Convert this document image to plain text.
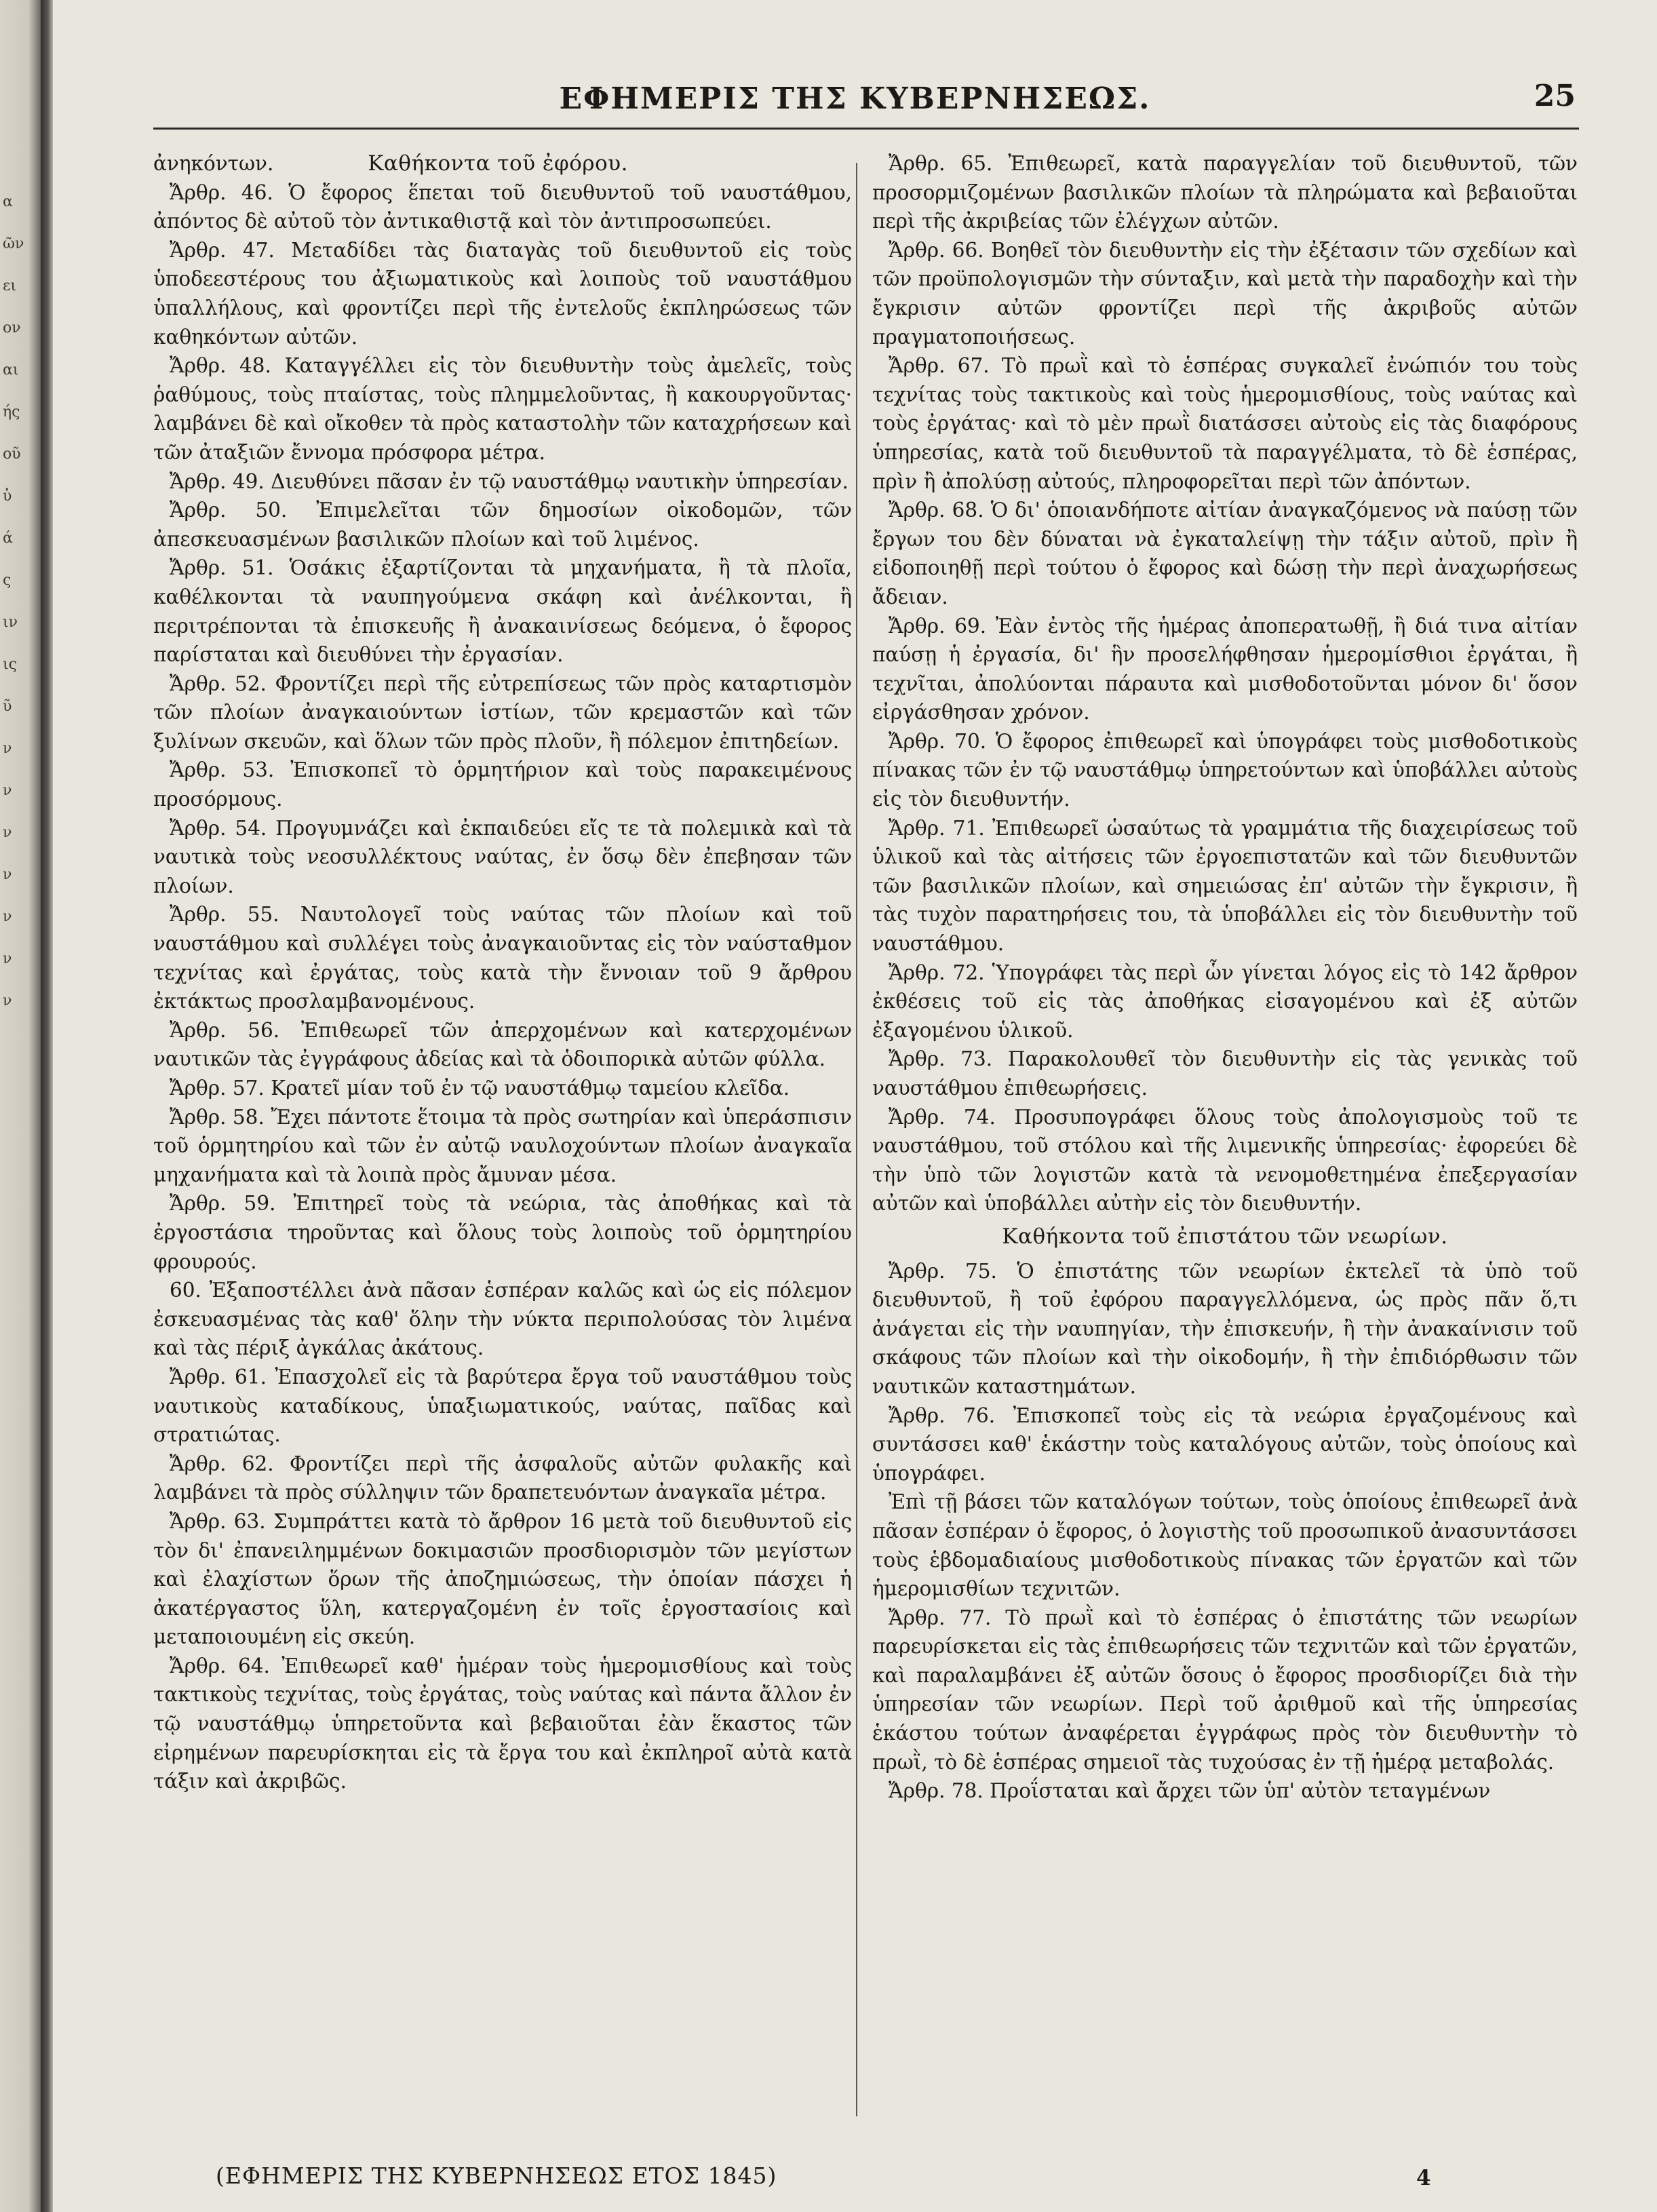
α
ῶν
ει
ον
αι
ής
οῦ
ὑ
ά
ς
ιν
ις
ῦ
ν
ν
ν
ν
ν
ν
ν
ΕΦΗΜΕΡΙΣ ΤΗΣ ΚΥΒΕΡΝΗΣΕΩΣ.	25

ἀνηκόντων.	Καθήκοντα τοῦ ἐφόρου.

Ἄρθρ. 46. Ὁ ἔφορος ἕπεται τοῦ διευθυντοῦ τοῦ ναυστάθμου, ἀπόντος δὲ αὐτοῦ τὸν ἀντικαθιστᾷ καὶ τὸν ἀντιπροσωπεύει.

Ἄρθρ. 47. Μεταδίδει τὰς διαταγὰς τοῦ διευθυντοῦ εἰς τοὺς ὑποδεεστέρους του ἀξιωματικοὺς καὶ λοιποὺς τοῦ ναυστάθμου ὑπαλλήλους, καὶ φροντίζει περὶ τῆς ἐντελοῦς ἐκπληρώσεως τῶν καθηκόντων αὐτῶν.

Ἄρθρ. 48. Καταγγέλλει εἰς τὸν διευθυντὴν τοὺς ἀμελεῖς, τοὺς ῥαθύμους, τοὺς πταίστας, τοὺς πλημμελοῦντας, ἢ κακουργοῦντας· λαμβάνει δὲ καὶ οἴκοθεν τὰ πρὸς καταστολὴν τῶν καταχρήσεων καὶ τῶν ἀταξιῶν ἔννομα πρόσφορα μέτρα.

Ἄρθρ. 49. Διευθύνει πᾶσαν ἐν τῷ ναυστάθμῳ ναυτικὴν ὑπηρεσίαν.

Ἄρθρ. 50. Ἐπιμελεῖται τῶν δημοσίων οἰκοδομῶν, τῶν ἀπεσκευασμένων βασιλικῶν πλοίων καὶ τοῦ λιμένος.

Ἄρθρ. 51. Ὁσάκις ἐξαρτίζονται τὰ μηχανήματα, ἢ τὰ πλοῖα, καθέλκονται τὰ ναυπηγούμενα σκάφη καὶ ἀνέλκονται, ἢ περιτρέπονται τὰ ἐπισκευῆς ἢ ἀνακαινίσεως δεόμενα, ὁ ἔφορος παρίσταται καὶ διευθύνει τὴν ἐργασίαν.

Ἄρθρ. 52. Φροντίζει περὶ τῆς εὐτρεπίσεως τῶν πρὸς καταρτισμὸν τῶν πλοίων ἀναγκαιούντων ἱστίων, τῶν κρεμαστῶν καὶ τῶν ξυλίνων σκευῶν, καὶ ὅλων τῶν πρὸς πλοῦν, ἢ πόλεμον ἐπιτηδείων.

Ἄρθρ. 53. Ἐπισκοπεῖ τὸ ὁρμητήριον καὶ τοὺς παρακειμένους προσόρμους.

Ἄρθρ. 54. Προγυμνάζει καὶ ἐκπαιδεύει εἴς τε τὰ πολεμικὰ καὶ τὰ ναυτικὰ τοὺς νεοσυλλέκτους ναύτας, ἐν ὅσῳ δὲν ἐπεβησαν τῶν πλοίων.

Ἄρθρ. 55. Ναυτολογεῖ τοὺς ναύτας τῶν πλοίων καὶ τοῦ ναυστάθμου καὶ συλλέγει τοὺς ἀναγκαιοῦντας εἰς τὸν ναύσταθμον τεχνίτας καὶ ἐργάτας, τοὺς κατὰ τὴν ἔννοιαν τοῦ 9 ἄρθρου ἐκτάκτως προσλαμβανομένους.

Ἄρθρ. 56. Ἐπιθεωρεῖ τῶν ἀπερχομένων καὶ κατερχομένων ναυτικῶν τὰς ἐγγράφους ἀδείας καὶ τὰ ὁδοιπορικὰ αὐτῶν φύλλα.

Ἄρθρ. 57. Κρατεῖ μίαν τοῦ ἐν τῷ ναυστάθμῳ ταμείου κλεῖδα.

Ἄρθρ. 58. Ἔχει πάντοτε ἕτοιμα τὰ πρὸς σωτηρίαν καὶ ὑπεράσπισιν τοῦ ὁρμητηρίου καὶ τῶν ἐν αὐτῷ ναυλοχούντων πλοίων ἀναγκαῖα μηχανήματα καὶ τὰ λοιπὰ πρὸς ἄμυναν μέσα.

Ἄρθρ. 59. Ἐπιτηρεῖ τοὺς τὰ νεώρια, τὰς ἀποθήκας καὶ τὰ ἐργοστάσια τηροῦντας καὶ ὅλους τοὺς λοιποὺς τοῦ ὁρμητηρίου φρουρούς.

60. Ἐξαποστέλλει ἀνὰ πᾶσαν ἑσπέραν καλῶς καὶ ὡς εἰς πόλεμον ἐσκευασμένας τὰς καθ' ὅλην τὴν νύκτα περιπολούσας τὸν λιμένα καὶ τὰς πέριξ ἀγκάλας ἀκάτους.

Ἄρθρ. 61. Ἐπασχολεῖ εἰς τὰ βαρύτερα ἔργα τοῦ ναυστάθμου τοὺς ναυτικοὺς καταδίκους, ὑπαξιωματικούς, ναύτας, παῖδας καὶ στρατιώτας.

Ἄρθρ. 62. Φροντίζει περὶ τῆς ἀσφαλοῦς αὐτῶν φυλακῆς καὶ λαμβάνει τὰ πρὸς σύλληψιν τῶν δραπετευόντων ἀναγκαῖα μέτρα.

Ἄρθρ. 63. Συμπράττει κατὰ τὸ ἄρθρον 16 μετὰ τοῦ διευθυντοῦ εἰς τὸν δι' ἐπανειλημμένων δοκιμασιῶν προσδιορισμὸν τῶν μεγίστων καὶ ἐλαχίστων ὅρων τῆς ἀποζημιώσεως, τὴν ὁποίαν πάσχει ἡ ἀκατέργαστος ὕλη, κατεργαζομένη ἐν τοῖς ἐργοστασίοις καὶ μεταποιουμένη εἰς σκεύη.

Ἄρθρ. 64. Ἐπιθεωρεῖ καθ' ἡμέραν τοὺς ἡμερομισθίους καὶ τοὺς τακτικοὺς τεχνίτας, τοὺς ἐργάτας, τοὺς ναύτας καὶ πάντα ἄλλον ἐν τῷ ναυστάθμῳ ὑπηρετοῦντα καὶ βεβαιοῦται ἐὰν ἕκαστος τῶν εἰρημένων παρευρίσκηται εἰς τὰ ἔργα του καὶ ἐκπληροῖ αὐτὰ κατὰ τάξιν καὶ ἀκριβῶς.

Ἄρθρ. 65. Ἐπιθεωρεῖ, κατὰ παραγγελίαν τοῦ διευθυντοῦ, τῶν προσορμιζομένων βασιλικῶν πλοίων τὰ πληρώματα καὶ βεβαιοῦται περὶ τῆς ἀκριβείας τῶν ἐλέγχων αὐτῶν.

Ἄρθρ. 66. Βοηθεῖ τὸν διευθυντὴν εἰς τὴν ἐξέτασιν τῶν σχεδίων καὶ τῶν προϋπολογισμῶν τὴν σύνταξιν, καὶ μετὰ τὴν παραδοχὴν καὶ τὴν ἔγκρισιν αὐτῶν φροντίζει περὶ τῆς ἀκριβοῦς αὐτῶν πραγματοποιήσεως.

Ἄρθρ. 67. Τὸ πρωῒ καὶ τὸ ἑσπέρας συγκαλεῖ ἐνώπιόν του τοὺς τεχνίτας τοὺς τακτικοὺς καὶ τοὺς ἡμερομισθίους, τοὺς ναύτας καὶ τοὺς ἐργάτας· καὶ τὸ μὲν πρωῒ διατάσσει αὐτοὺς εἰς τὰς διαφόρους ὑπηρεσίας, κατὰ τοῦ διευθυντοῦ τὰ παραγγέλματα, τὸ δὲ ἑσπέρας, πρὶν ἢ ἀπολύσῃ αὐτούς, πληροφορεῖται περὶ τῶν ἀπόντων.

Ἄρθρ. 68. Ὁ δι' ὁποιανδήποτε αἰτίαν ἀναγκαζόμενος νὰ παύσῃ τῶν ἔργων του δὲν δύναται νὰ ἐγκαταλείψῃ τὴν τάξιν αὐτοῦ, πρὶν ἢ εἰδοποιηθῇ περὶ τούτου ὁ ἔφορος καὶ δώσῃ τὴν περὶ ἀναχωρήσεως ἄδειαν.

Ἄρθρ. 69. Ἐὰν ἐντὸς τῆς ἡμέρας ἀποπερατωθῇ, ἢ διά τινα αἰτίαν παύσῃ ἡ ἐργασία, δι' ἣν προσελήφθησαν ἡμερομίσθιοι ἐργάται, ἢ τεχνῖται, ἀπολύονται πάραυτα καὶ μισθοδοτοῦνται μόνον δι' ὅσον εἰργάσθησαν χρόνον.

Ἄρθρ. 70. Ὁ ἔφορος ἐπιθεωρεῖ καὶ ὑπογράφει τοὺς μισθοδοτικοὺς πίνακας τῶν ἐν τῷ ναυστάθμῳ ὑπηρετούντων καὶ ὑποβάλλει αὐτοὺς εἰς τὸν διευθυντήν.

Ἄρθρ. 71. Ἐπιθεωρεῖ ὡσαύτως τὰ γραμμάτια τῆς διαχειρίσεως τοῦ ὑλικοῦ καὶ τὰς αἰτήσεις τῶν ἐργοεπιστατῶν καὶ τῶν διευθυντῶν τῶν βασιλικῶν πλοίων, καὶ σημειώσας ἐπ' αὐτῶν τὴν ἔγκρισιν, ἢ τὰς τυχὸν παρατηρήσεις του, τὰ ὑποβάλλει εἰς τὸν διευθυντὴν τοῦ ναυστάθμου.

Ἄρθρ. 72. Ὑπογράφει τὰς περὶ ὧν γίνεται λόγος εἰς τὸ 142 ἄρθρον ἐκθέσεις τοῦ εἰς τὰς ἀποθήκας εἰσαγομένου καὶ ἐξ αὐτῶν ἐξαγομένου ὑλικοῦ.

Ἄρθρ. 73. Παρακολουθεῖ τὸν διευθυντὴν εἰς τὰς γενικὰς τοῦ ναυστάθμου ἐπιθεωρήσεις.

Ἄρθρ. 74. Προσυπογράφει ὅλους τοὺς ἀπολογισμοὺς τοῦ τε ναυστάθμου, τοῦ στόλου καὶ τῆς λιμενικῆς ὑπηρεσίας· ἐφορεύει δὲ τὴν ὑπὸ τῶν λογιστῶν κατὰ τὰ νενομοθετημένα ἐπεξεργασίαν αὐτῶν καὶ ὑποβάλλει αὐτὴν εἰς τὸν διευθυντήν.

Καθήκοντα τοῦ ἐπιστάτου τῶν νεωρίων.

Ἄρθρ. 75. Ὁ ἐπιστάτης τῶν νεωρίων ἐκτελεῖ τὰ ὑπὸ τοῦ διευθυντοῦ, ἢ τοῦ ἐφόρου παραγγελλόμενα, ὡς πρὸς πᾶν ὅ,τι ἀνάγεται εἰς τὴν ναυπηγίαν, τὴν ἐπισκευήν, ἢ τὴν ἀνακαίνισιν τοῦ σκάφους τῶν πλοίων καὶ τὴν οἰκοδομήν, ἢ τὴν ἐπιδιόρθωσιν τῶν ναυτικῶν καταστημάτων.

Ἄρθρ. 76. Ἐπισκοπεῖ τοὺς εἰς τὰ νεώρια ἐργαζομένους καὶ συντάσσει καθ' ἑκάστην τοὺς καταλόγους αὐτῶν, τοὺς ὁποίους καὶ ὑπογράφει.

Ἐπὶ τῇ βάσει τῶν καταλόγων τούτων, τοὺς ὁποίους ἐπιθεωρεῖ ἀνὰ πᾶσαν ἑσπέραν ὁ ἔφορος, ὁ λογιστὴς τοῦ προσωπικοῦ ἀνασυντάσσει τοὺς ἑβδομαδιαίους μισθοδοτικοὺς πίνακας τῶν ἐργατῶν καὶ τῶν ἡμερομισθίων τεχνιτῶν.

Ἄρθρ. 77. Τὸ πρωῒ καὶ τὸ ἑσπέρας ὁ ἐπιστάτης τῶν νεωρίων παρευρίσκεται εἰς τὰς ἐπιθεωρήσεις τῶν τεχνιτῶν καὶ τῶν ἐργατῶν, καὶ παραλαμβάνει ἐξ αὐτῶν ὅσους ὁ ἔφορος προσδιορίζει διὰ τὴν ὑπηρεσίαν τῶν νεωρίων. Περὶ τοῦ ἀριθμοῦ καὶ τῆς ὑπηρεσίας ἑκάστου τούτων ἀναφέρεται ἐγγράφως πρὸς τὸν διευθυντὴν τὸ πρωῒ, τὸ δὲ ἑσπέρας σημειοῖ τὰς τυχούσας ἐν τῇ ἡμέρᾳ μεταβολάς.

Ἄρθρ. 78. Προΐσταται καὶ ἄρχει τῶν ὑπ' αὐτὸν τεταγμένων

(ΕΦΗΜΕΡΙΣ ΤΗΣ ΚΥΒΕΡΝΗΣΕΩΣ ΕΤΟΣ 1845)	4
